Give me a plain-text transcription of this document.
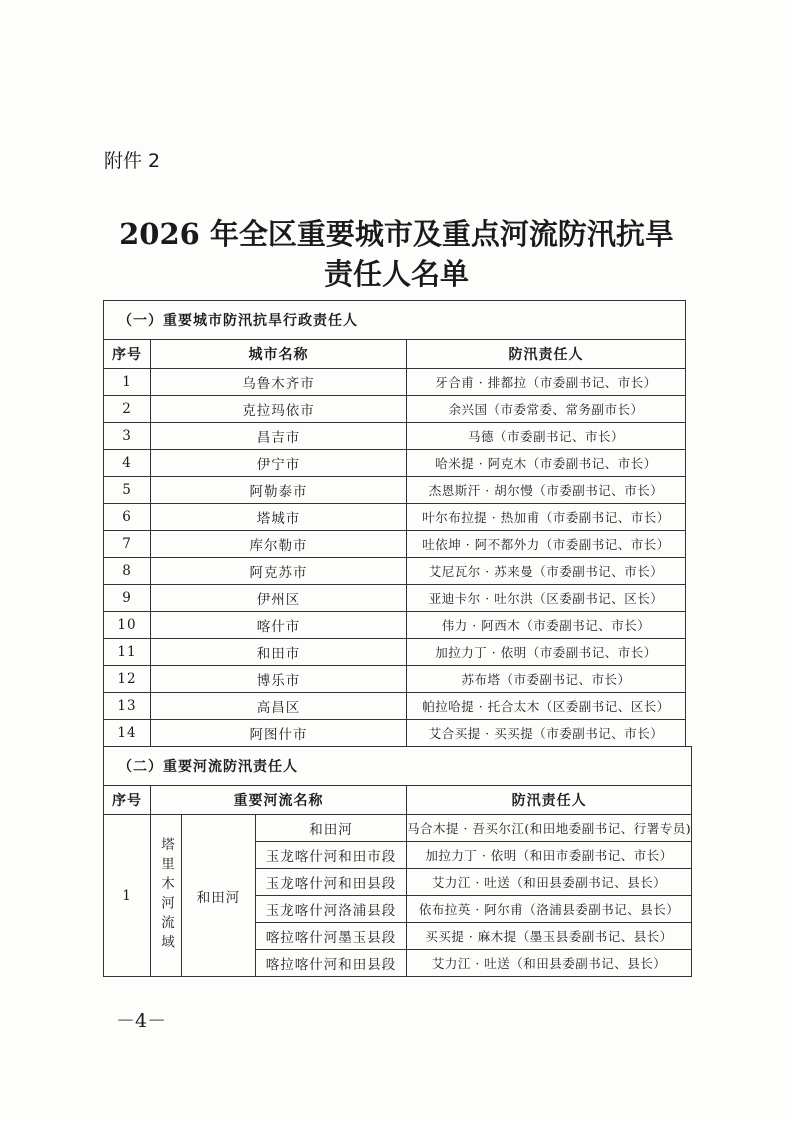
附件 2
2026 年全区重要城市及重点河流防汛抗旱
责任人名单
（一）重要城市防汛抗旱行政责任人		
序号	城市名称	防汛责任人
1	乌鲁木齐市	牙合甫 · 排都拉（市委副书记、市长）
2	克拉玛依市	余兴国（市委常委、常务副市长）
3	昌吉市	马德（市委副书记、市长）
4	伊宁市	哈米提 · 阿克木（市委副书记、市长）
5	阿勒泰市	杰恩斯汗 · 胡尔慢（市委副书记、市长）
6	塔城市	叶尔布拉提 · 热加甫（市委副书记、市长）
7	库尔勒市	吐依坤 · 阿不都外力（市委副书记、市长）
8	阿克苏市	艾尼瓦尔 · 苏来曼（市委副书记、市长）
9	伊州区	亚迪卡尔 · 吐尔洪（区委副书记、区长）
10	喀什市	伟力 · 阿西木（市委副书记、市长）
11	和田市	加拉力丁 · 依明（市委副书记、市长）
12	博乐市	苏布塔（市委副书记、市长）
13	高昌区	帕拉哈提 · 托合太木（区委副书记、区长）
14	阿图什市	艾合买提 · 买买提（市委副书记、市长）
（二）重要河流防汛责任人				
序号	重要河流名称			防汛责任人
1	塔里木河流域	和田河	和田河	马合木提 · 吾买尔江(和田地委副书记、行署专员)
			玉龙喀什河和田市段	加拉力丁 · 依明（和田市委副书记、市长）
			玉龙喀什河和田县段	艾力江 · 吐送（和田县委副书记、县长）
			玉龙喀什河洛浦县段	依布拉英 · 阿尔甫（洛浦县委副书记、县长）
			喀拉喀什河墨玉县段	买买提 · 麻木提（墨玉县委副书记、县长）
			喀拉喀什河和田县段	艾力江 · 吐送（和田县委副书记、县长）
－4－
